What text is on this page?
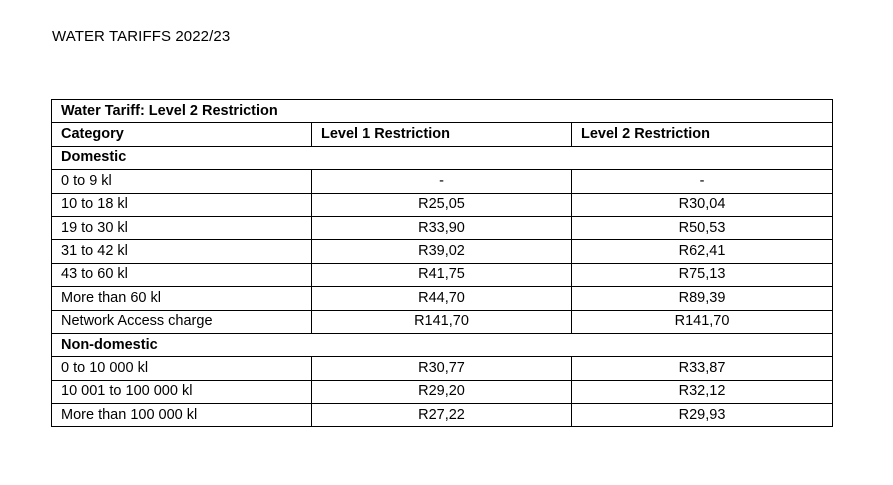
WATER TARIFFS 2022/23
Water Tariff: Level 2 Restriction		
Category	Level 1 Restriction	Level 2 Restriction
Domestic		
0 to 9 kl	-	-
10 to 18 kl	R25,05	R30,04
19 to 30 kl	R33,90	R50,53
31 to 42 kl	R39,02	R62,41
43 to 60 kl	R41,75	R75,13
More than 60 kl	R44,70	R89,39
Network Access charge	R141,70	R141,70
Non-domestic		
0 to 10 000 kl	R30,77	R33,87
10 001 to 100 000 kl	R29,20	R32,12
More than 100 000 kl	R27,22	R29,93
